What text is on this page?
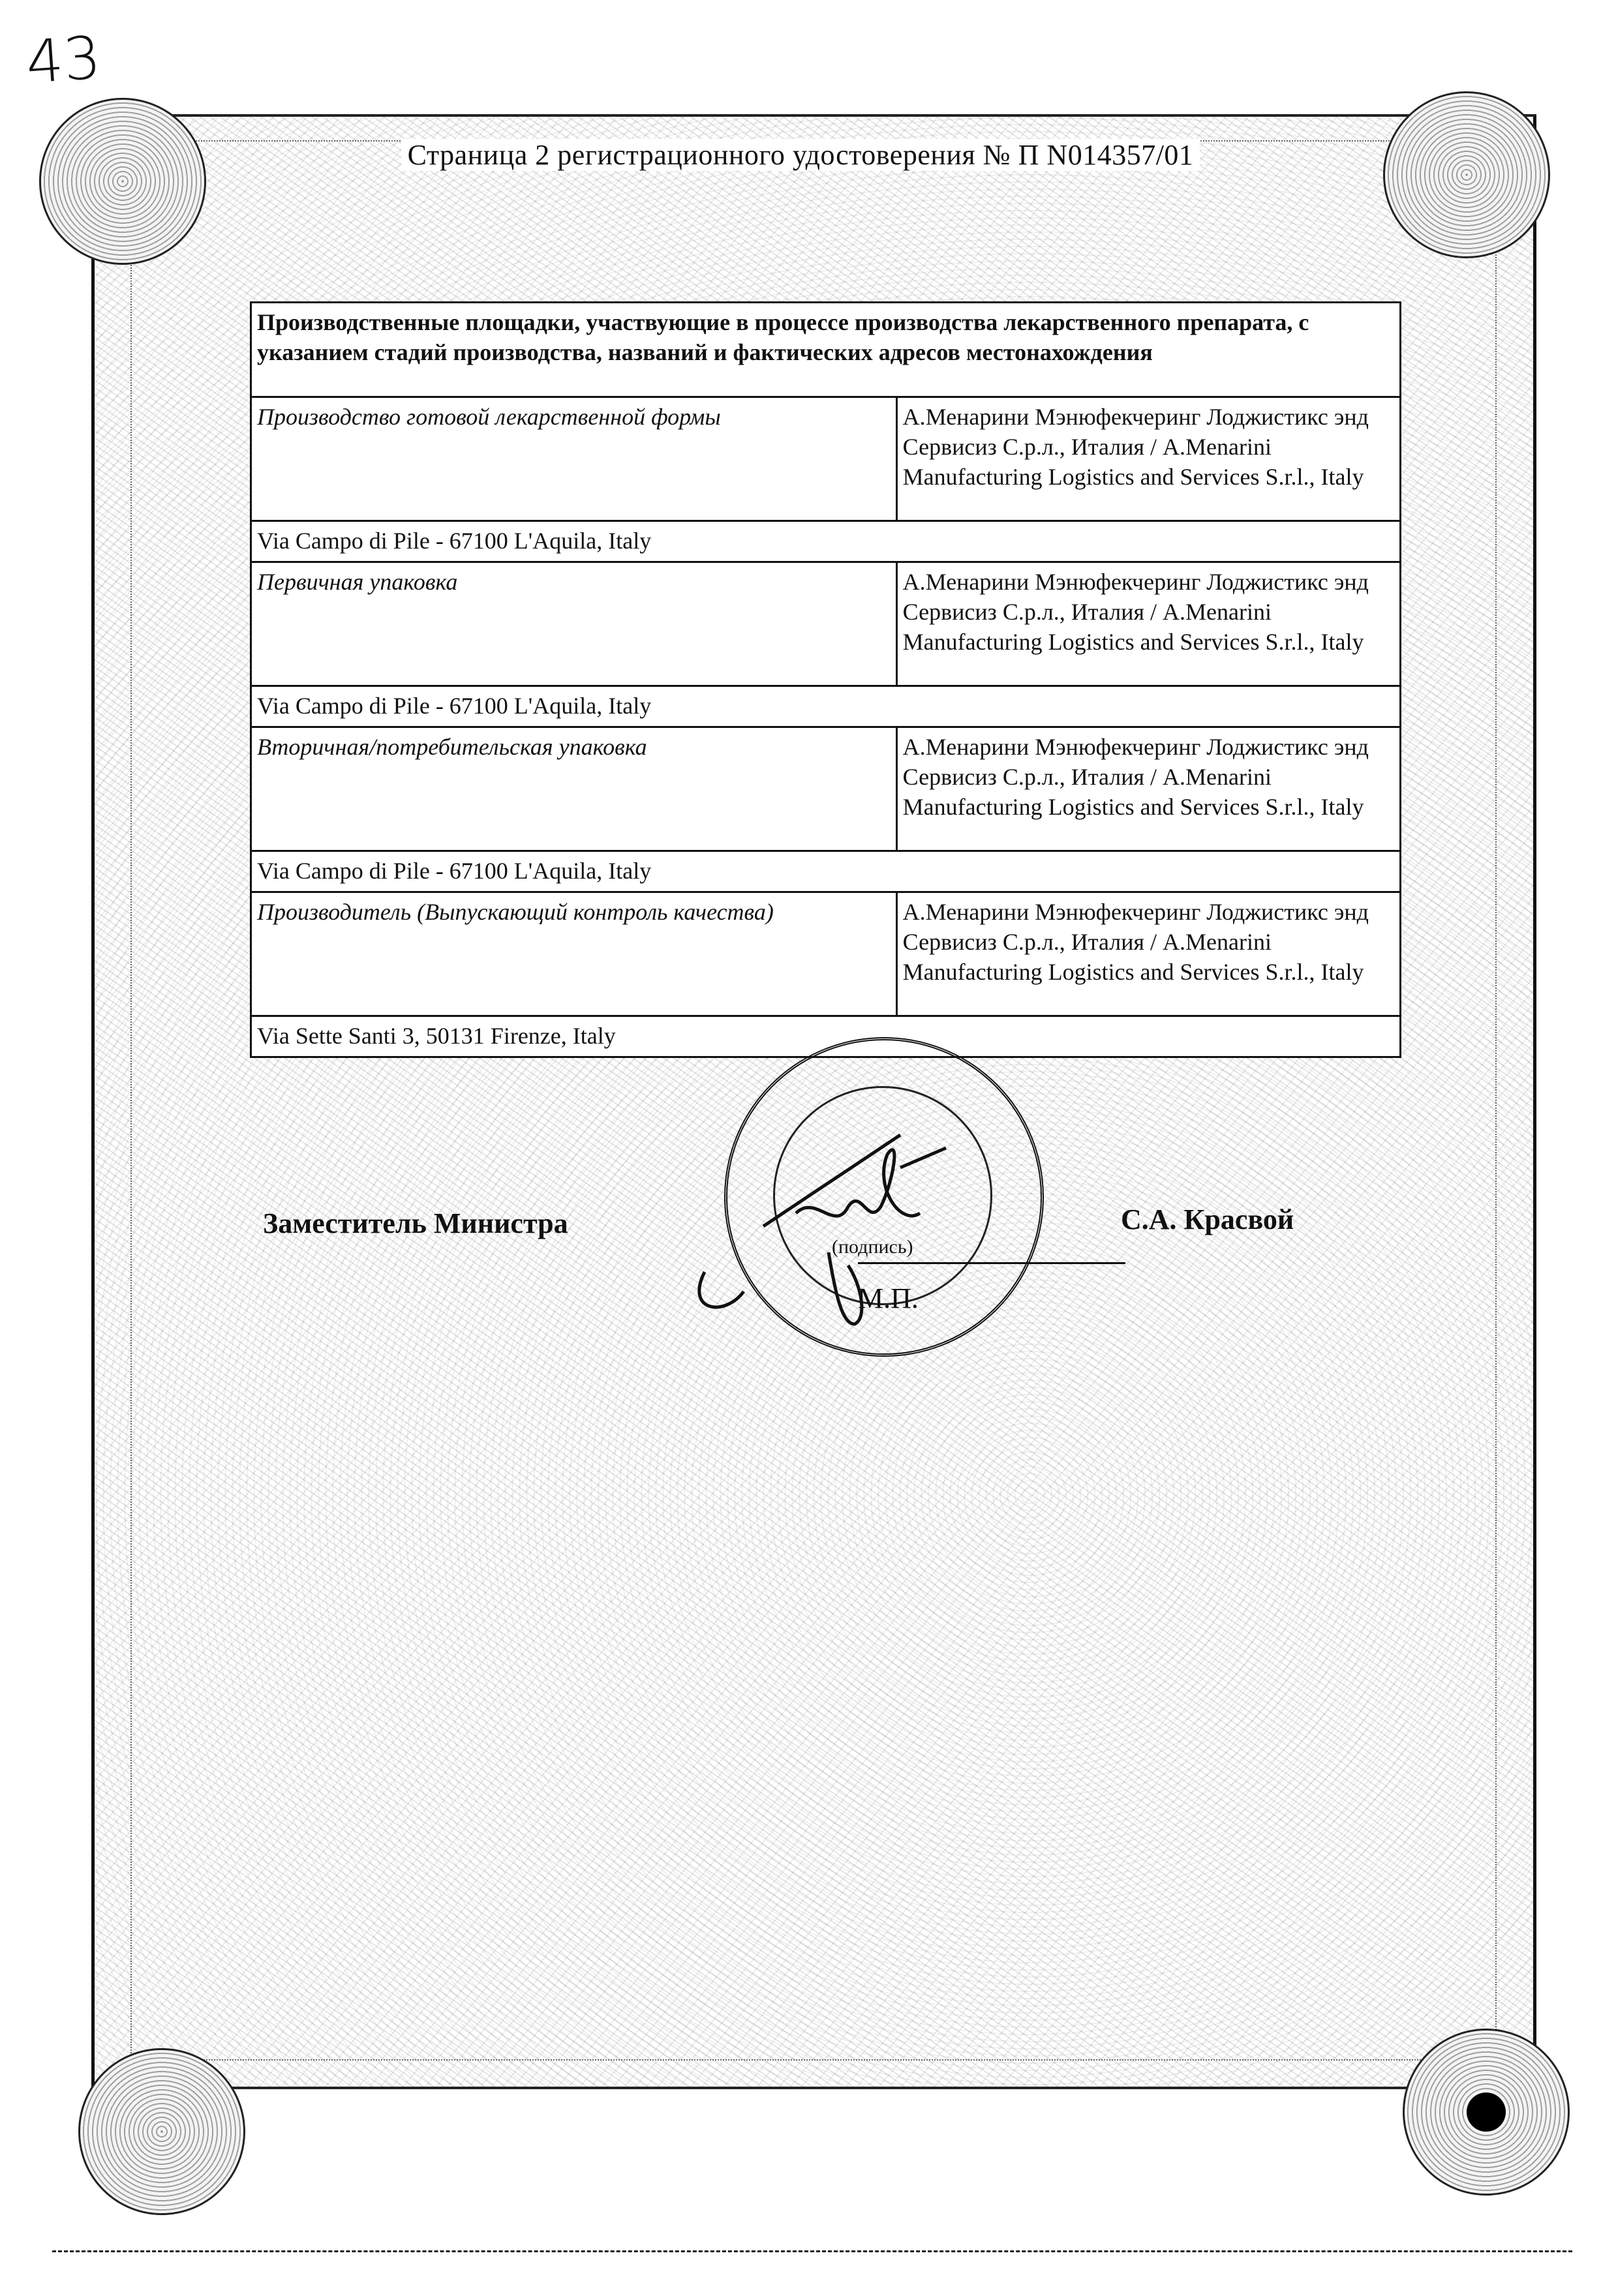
43
Страница 2 регистрационного удостоверения № П N014357/01
Производственные площадки, участвующие в процессе производства лекарственного препарата, с указанием стадий производства, названий и фактических адресов местонахождения	
Производство готовой лекарственной формы	А.Менарини Мэнюфекчеринг Лоджистикс энд Сервисиз С.р.л., Италия / A.Menarini Manufacturing Logistics and Services S.r.l., Italy
Via Campo di Pile - 67100 L'Aquila, Italy	
Первичная упаковка	А.Менарини Мэнюфекчеринг Лоджистикс энд Сервисиз С.р.л., Италия / A.Menarini Manufacturing Logistics and Services S.r.l., Italy
Via Campo di Pile - 67100 L'Aquila, Italy	
Вторичная/потребительская упаковка	А.Менарини Мэнюфекчеринг Лоджистикс энд Сервисиз С.р.л., Италия / A.Menarini Manufacturing Logistics and Services S.r.l., Italy
Via Campo di Pile - 67100 L'Aquila, Italy	
Производитель (Выпускающий контроль качества)	А.Менарини Мэнюфекчеринг Лоджистикс энд Сервисиз С.р.л., Италия / A.Menarini Manufacturing Logistics and Services S.r.l., Italy
Via Sette Santi 3, 50131 Firenze, Italy	
(подпись)
М.П.
Заместитель Министра	С.А. Красвой
